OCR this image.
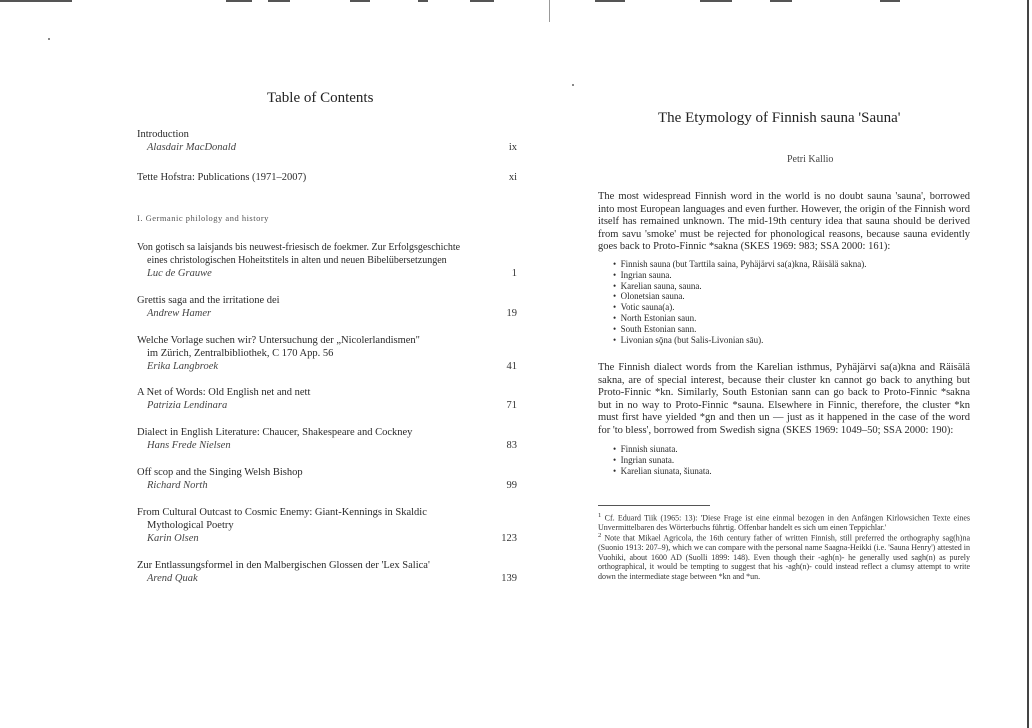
Table of Contents
Introduction
Alasdair MacDonald	ix
Tette Hofstra: Publications (1971–2007)	xi
I. Germanic philology and history
Von gotisch sa laisjands bis neuwest-friesisch de foekmer. Zur Erfolgsgeschichte
eines christologischen Hoheitstitels in alten und neuen Bibelübersetzungen
Luc de Grauwe	1
Grettis saga and the irritatione dei
Andrew Hamer	19
Welche Vorlage suchen wir? Untersuchung der „Nicolerlandismen"
im Zürich, Zentralbibliothek, C 170 App. 56
Erika Langbroek	41
A Net of Words: Old English net and nett
Patrizia Lendinara	71
Dialect in English Literature: Chaucer, Shakespeare and Cockney
Hans Frede Nielsen	83
Off scop and the Singing Welsh Bishop
Richard North	99
From Cultural Outcast to Cosmic Enemy: Giant-Kennings in Skaldic
Mythological Poetry
Karin Olsen	123
Zur Entlassungsformel in den Malbergischen Glossen der 'Lex Salica'
Arend Quak	139
The Etymology of Finnish sauna 'Sauna'
Petri Kallio
The most widespread Finnish word in the world is no doubt sauna 'sauna', borrowed into most European languages and even further. However, the origin of the Finnish word itself has remained unknown. The mid-19th century idea that sauna should be derived from savu 'smoke' must be rejected for phonological reasons, because sauna evidently goes back to Proto-Finnic *sakna (SKES 1969: 983; SSA 2000: 161):
•  Finnish sauna (but Tarttila saina, Pyhäjärvi sa(a)kna, Räisälä sakna).
•  Ingrian sauna.
•  Karelian sauna, sauna.
•  Olonetsian sauna.
•  Votic sauna(a).
•  North Estonian saun.
•  South Estonian sann.
•  Livonian sǭna (but Salis-Livonian sāu).
The Finnish dialect words from the Karelian isthmus, Pyhäjärvi sa(a)kna and Räisälä sakna, are of special interest, because their cluster kn cannot go back to anything but Proto-Finnic *kn. Similarly, South Estonian sann can go back to Proto-Finnic *sakna but in no way to Proto-Finnic *sauna. Elsewhere in Finnic, therefore, the cluster *kn must first have yielded *gn and then un — just as it happened in the case of the word for 'to bless', borrowed from Swedish signa (SKES 1969: 1049–50; SSA 2000: 190):
•  Finnish siunata.
•  Ingrian sunata.
•  Karelian siunata, šiunata.
$^1$ Cf. Eduard Tiik (1965: 13): 'Diese Frage ist eine einmal bezogen in den Anfängen Kirlowsichen Texte eines Unvermittelbaren des Wörterbuchs führtig. Offenbar handelt es sich um einen Teppichlar.'
$^2$ Note that Mikael Agricola, the 16th century father of written Finnish, still preferred the orthography sag(h)na (Suonio 1913: 207–9), which we can compare with the personal name Saagna-Heikki (i.e. 'Sauna Henry') attested in Vuohiki, about 1600 AD (Suolli 1899: 148). Even though their -agh(n)- he generally used sagh(n) as purely orthographical, it would be tempting to suggest that his -agh(n)- could instead reflect a clumsy attempt to write down the intermediate stage between *kn and *un.
